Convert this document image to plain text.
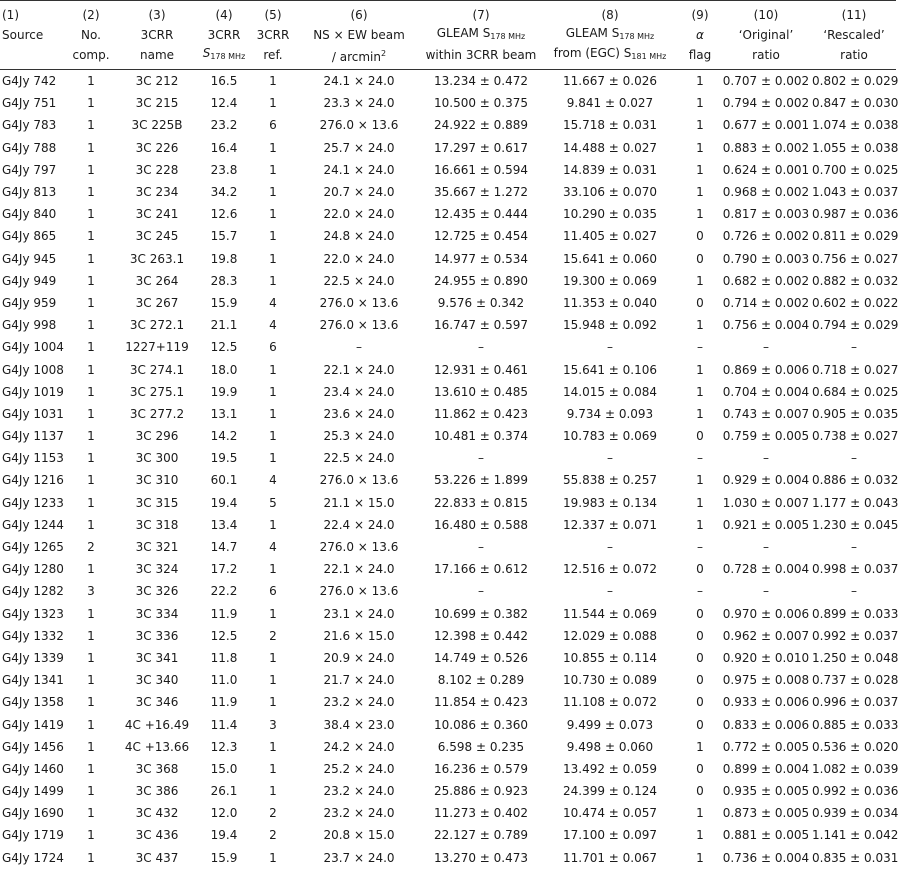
(1)	(2)	(3)	(4)	(5)	(6)	(7)	(8)	(9)	(10)	(11)
Source	No.	3CRR	3CRR	3CRR	NS × EW beam	GLEAM $S_{178 MHz}$	GLEAM $S_{178 MHz}$	α	‘Original’	‘Rescaled’
	comp.	name	$S_{178 MHz}$	ref.	/ arcmin$^2$	within 3CRR beam	from (EGC) $S_{181 MHz}$	flag	ratio	ratio
G4Jy 742	1	3C 212	16.5	1	24.1 × 24.0	13.234 ± 0.472	11.667 ± 0.026	1	0.707 ± 0.002	0.802 ± 0.029
G4Jy 751	1	3C 215	12.4	1	23.3 × 24.0	10.500 ± 0.375	9.841 ± 0.027	1	0.794 ± 0.002	0.847 ± 0.030
G4Jy 783	1	3C 225B	23.2	6	276.0 × 13.6	24.922 ± 0.889	15.718 ± 0.031	1	0.677 ± 0.001	1.074 ± 0.038
G4Jy 788	1	3C 226	16.4	1	25.7 × 24.0	17.297 ± 0.617	14.488 ± 0.027	1	0.883 ± 0.002	1.055 ± 0.038
G4Jy 797	1	3C 228	23.8	1	24.1 × 24.0	16.661 ± 0.594	14.839 ± 0.031	1	0.624 ± 0.001	0.700 ± 0.025
G4Jy 813	1	3C 234	34.2	1	20.7 × 24.0	35.667 ± 1.272	33.106 ± 0.070	1	0.968 ± 0.002	1.043 ± 0.037
G4Jy 840	1	3C 241	12.6	1	22.0 × 24.0	12.435 ± 0.444	10.290 ± 0.035	1	0.817 ± 0.003	0.987 ± 0.036
G4Jy 865	1	3C 245	15.7	1	24.8 × 24.0	12.725 ± 0.454	11.405 ± 0.027	0	0.726 ± 0.002	0.811 ± 0.029
G4Jy 945	1	3C 263.1	19.8	1	22.0 × 24.0	14.977 ± 0.534	15.641 ± 0.060	0	0.790 ± 0.003	0.756 ± 0.027
G4Jy 949	1	3C 264	28.3	1	22.5 × 24.0	24.955 ± 0.890	19.300 ± 0.069	1	0.682 ± 0.002	0.882 ± 0.032
G4Jy 959	1	3C 267	15.9	4	276.0 × 13.6	9.576 ± 0.342	11.353 ± 0.040	0	0.714 ± 0.002	0.602 ± 0.022
G4Jy 998	1	3C 272.1	21.1	4	276.0 × 13.6	16.747 ± 0.597	15.948 ± 0.092	1	0.756 ± 0.004	0.794 ± 0.029
G4Jy 1004	1	1227+119	12.5	6	–	–	–	–	–	–
G4Jy 1008	1	3C 274.1	18.0	1	22.1 × 24.0	12.931 ± 0.461	15.641 ± 0.106	1	0.869 ± 0.006	0.718 ± 0.027
G4Jy 1019	1	3C 275.1	19.9	1	23.4 × 24.0	13.610 ± 0.485	14.015 ± 0.084	1	0.704 ± 0.004	0.684 ± 0.025
G4Jy 1031	1	3C 277.2	13.1	1	23.6 × 24.0	11.862 ± 0.423	9.734 ± 0.093	1	0.743 ± 0.007	0.905 ± 0.035
G4Jy 1137	1	3C 296	14.2	1	25.3 × 24.0	10.481 ± 0.374	10.783 ± 0.069	0	0.759 ± 0.005	0.738 ± 0.027
G4Jy 1153	1	3C 300	19.5	1	22.5 × 24.0	–	–	–	–	–
G4Jy 1216	1	3C 310	60.1	4	276.0 × 13.6	53.226 ± 1.899	55.838 ± 0.257	1	0.929 ± 0.004	0.886 ± 0.032
G4Jy 1233	1	3C 315	19.4	5	21.1 × 15.0	22.833 ± 0.815	19.983 ± 0.134	1	1.030 ± 0.007	1.177 ± 0.043
G4Jy 1244	1	3C 318	13.4	1	22.4 × 24.0	16.480 ± 0.588	12.337 ± 0.071	1	0.921 ± 0.005	1.230 ± 0.045
G4Jy 1265	2	3C 321	14.7	4	276.0 × 13.6	–	–	–	–	–
G4Jy 1280	1	3C 324	17.2	1	22.1 × 24.0	17.166 ± 0.612	12.516 ± 0.072	0	0.728 ± 0.004	0.998 ± 0.037
G4Jy 1282	3	3C 326	22.2	6	276.0 × 13.6	–	–	–	–	–
G4Jy 1323	1	3C 334	11.9	1	23.1 × 24.0	10.699 ± 0.382	11.544 ± 0.069	0	0.970 ± 0.006	0.899 ± 0.033
G4Jy 1332	1	3C 336	12.5	2	21.6 × 15.0	12.398 ± 0.442	12.029 ± 0.088	0	0.962 ± 0.007	0.992 ± 0.037
G4Jy 1339	1	3C 341	11.8	1	20.9 × 24.0	14.749 ± 0.526	10.855 ± 0.114	0	0.920 ± 0.010	1.250 ± 0.048
G4Jy 1341	1	3C 340	11.0	1	21.7 × 24.0	8.102 ± 0.289	10.730 ± 0.089	0	0.975 ± 0.008	0.737 ± 0.028
G4Jy 1358	1	3C 346	11.9	1	23.2 × 24.0	11.854 ± 0.423	11.108 ± 0.072	0	0.933 ± 0.006	0.996 ± 0.037
G4Jy 1419	1	4C +16.49	11.4	3	38.4 × 23.0	10.086 ± 0.360	9.499 ± 0.073	0	0.833 ± 0.006	0.885 ± 0.033
G4Jy 1456	1	4C +13.66	12.3	1	24.2 × 24.0	6.598 ± 0.235	9.498 ± 0.060	1	0.772 ± 0.005	0.536 ± 0.020
G4Jy 1460	1	3C 368	15.0	1	25.2 × 24.0	16.236 ± 0.579	13.492 ± 0.059	0	0.899 ± 0.004	1.082 ± 0.039
G4Jy 1499	1	3C 386	26.1	1	23.2 × 24.0	25.886 ± 0.923	24.399 ± 0.124	0	0.935 ± 0.005	0.992 ± 0.036
G4Jy 1690	1	3C 432	12.0	2	23.2 × 24.0	11.273 ± 0.402	10.474 ± 0.057	1	0.873 ± 0.005	0.939 ± 0.034
G4Jy 1719	1	3C 436	19.4	2	20.8 × 15.0	22.127 ± 0.789	17.100 ± 0.097	1	0.881 ± 0.005	1.141 ± 0.042
G4Jy 1724	1	3C 437	15.9	1	23.7 × 24.0	13.270 ± 0.473	11.701 ± 0.067	1	0.736 ± 0.004	0.835 ± 0.031
